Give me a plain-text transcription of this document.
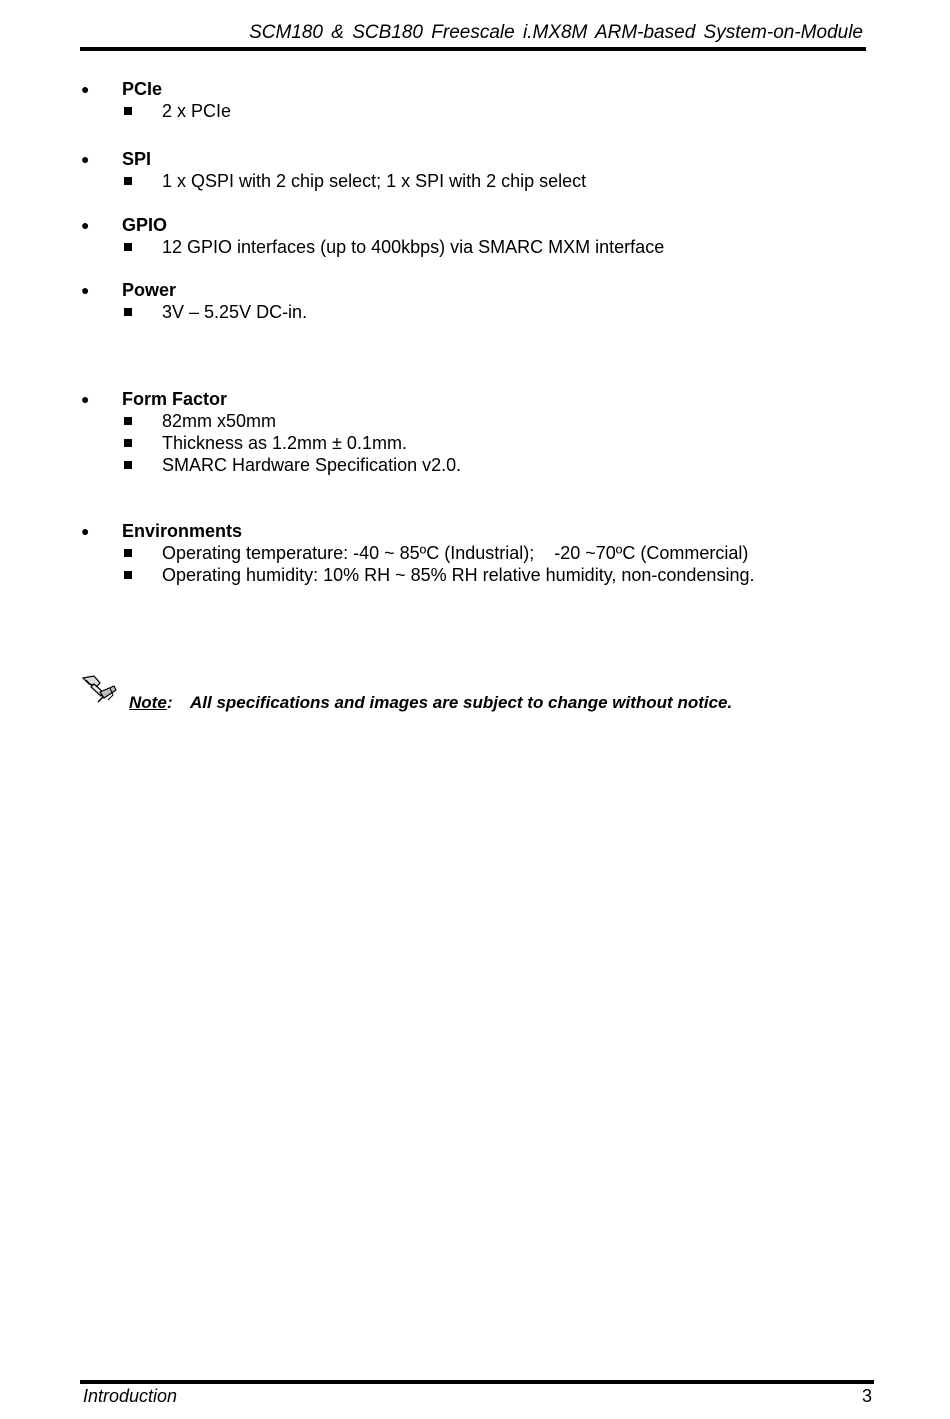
SCM180 & SCB180 Freescale i.MX8M ARM-based System-on-Module
● PCIe
2 x PCIe
● SPI
1 x QSPI with 2 chip select; 1 x SPI with 2 chip select
● GPIO
12 GPIO interfaces (up to 400kbps) via SMARC MXM interface
● Power
3V – 5.25V DC-in.
● Form Factor
82mm x50mm
Thickness as 1.2mm ± 0.1mm.
SMARC Hardware Specification v2.0.
● Environments
Operating temperature: -40 ~ 85ºC (Industrial);    -20 ~70ºC (Commercial)
Operating humidity: 10% RH ~ 85% RH relative humidity, non-condensing.
Note : All specifications and images are subject to change without notice.
Introduction	3
